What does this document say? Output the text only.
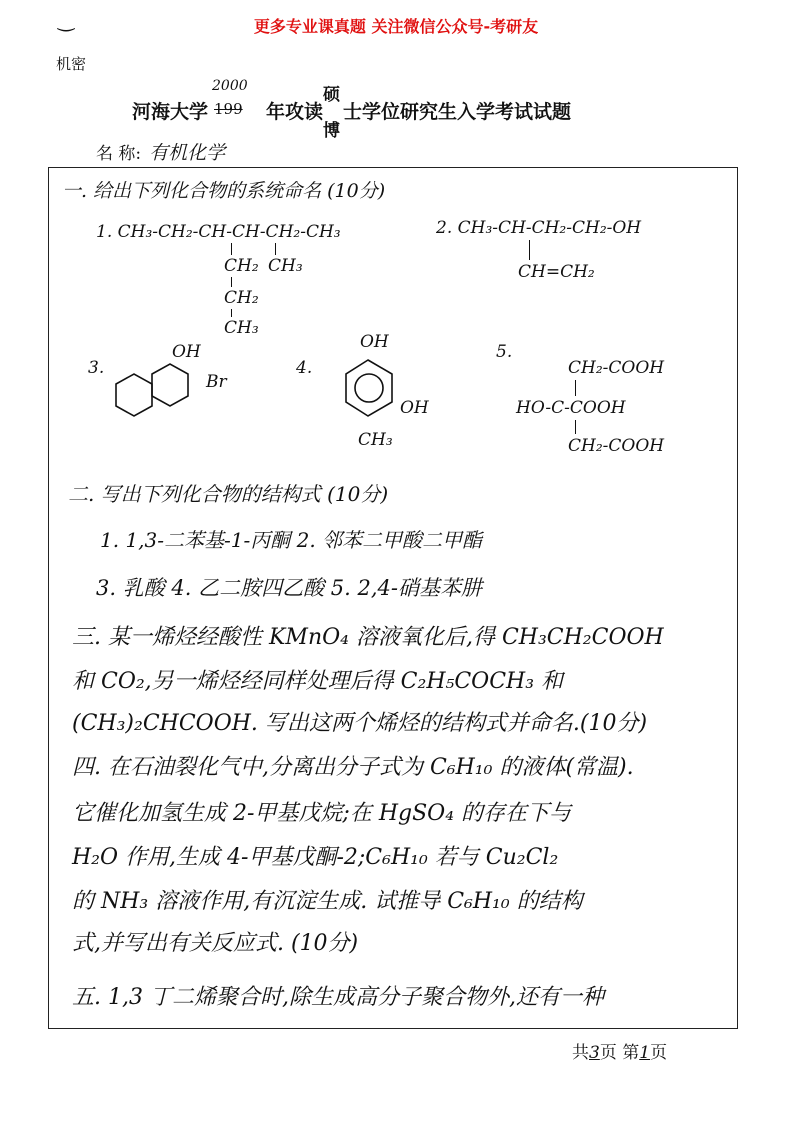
更多专业课真题 关注微信公众号-考研友
‿
机密
河海大学
2000
199 年攻读
硕
博
士学位研究生入学考试试题
名 称: 有机化学
一. 给出下列化合物的系统命名 (10分)
1. CH₃-CH₂-CH-CH-CH₂-CH₃
CH₂ CH₃
CH₂
CH₃
2. CH₃-CH-CH₂-CH₂-OH
CH=CH₂
3.
OH
Br
4.
OH
OH
CH₃
5.
CH₂-COOH
HO-C-COOH
CH₂-COOH
二. 写出下列化合物的结构式 (10分)
1. 1,3-二苯基-1-丙酮 2. 邻苯二甲酸二甲酯
3. 乳酸 4. 乙二胺四乙酸 5. 2,4-硝基苯肼
三. 某一烯烃经酸性 KMnO₄ 溶液氧化后,得 CH₃CH₂COOH
和 CO₂,另一烯烃经同样处理后得 C₂H₅COCH₃ 和
(CH₃)₂CHCOOH. 写出这两个烯烃的结构式并命名.(10分)
四. 在石油裂化气中,分离出分子式为 C₆H₁₀ 的液体(常温).
它催化加氢生成 2-甲基戊烷;在 HgSO₄ 的存在下与
H₂O 作用,生成 4-甲基戊酮-2;C₆H₁₀ 若与 Cu₂Cl₂
的 NH₃ 溶液作用,有沉淀生成. 试推导 C₆H₁₀ 的结构
式,并写出有关反应式. (10分)
五. 1,3 丁二烯聚合时,除生成高分子聚合物外,还有一种
共3页 第1页
